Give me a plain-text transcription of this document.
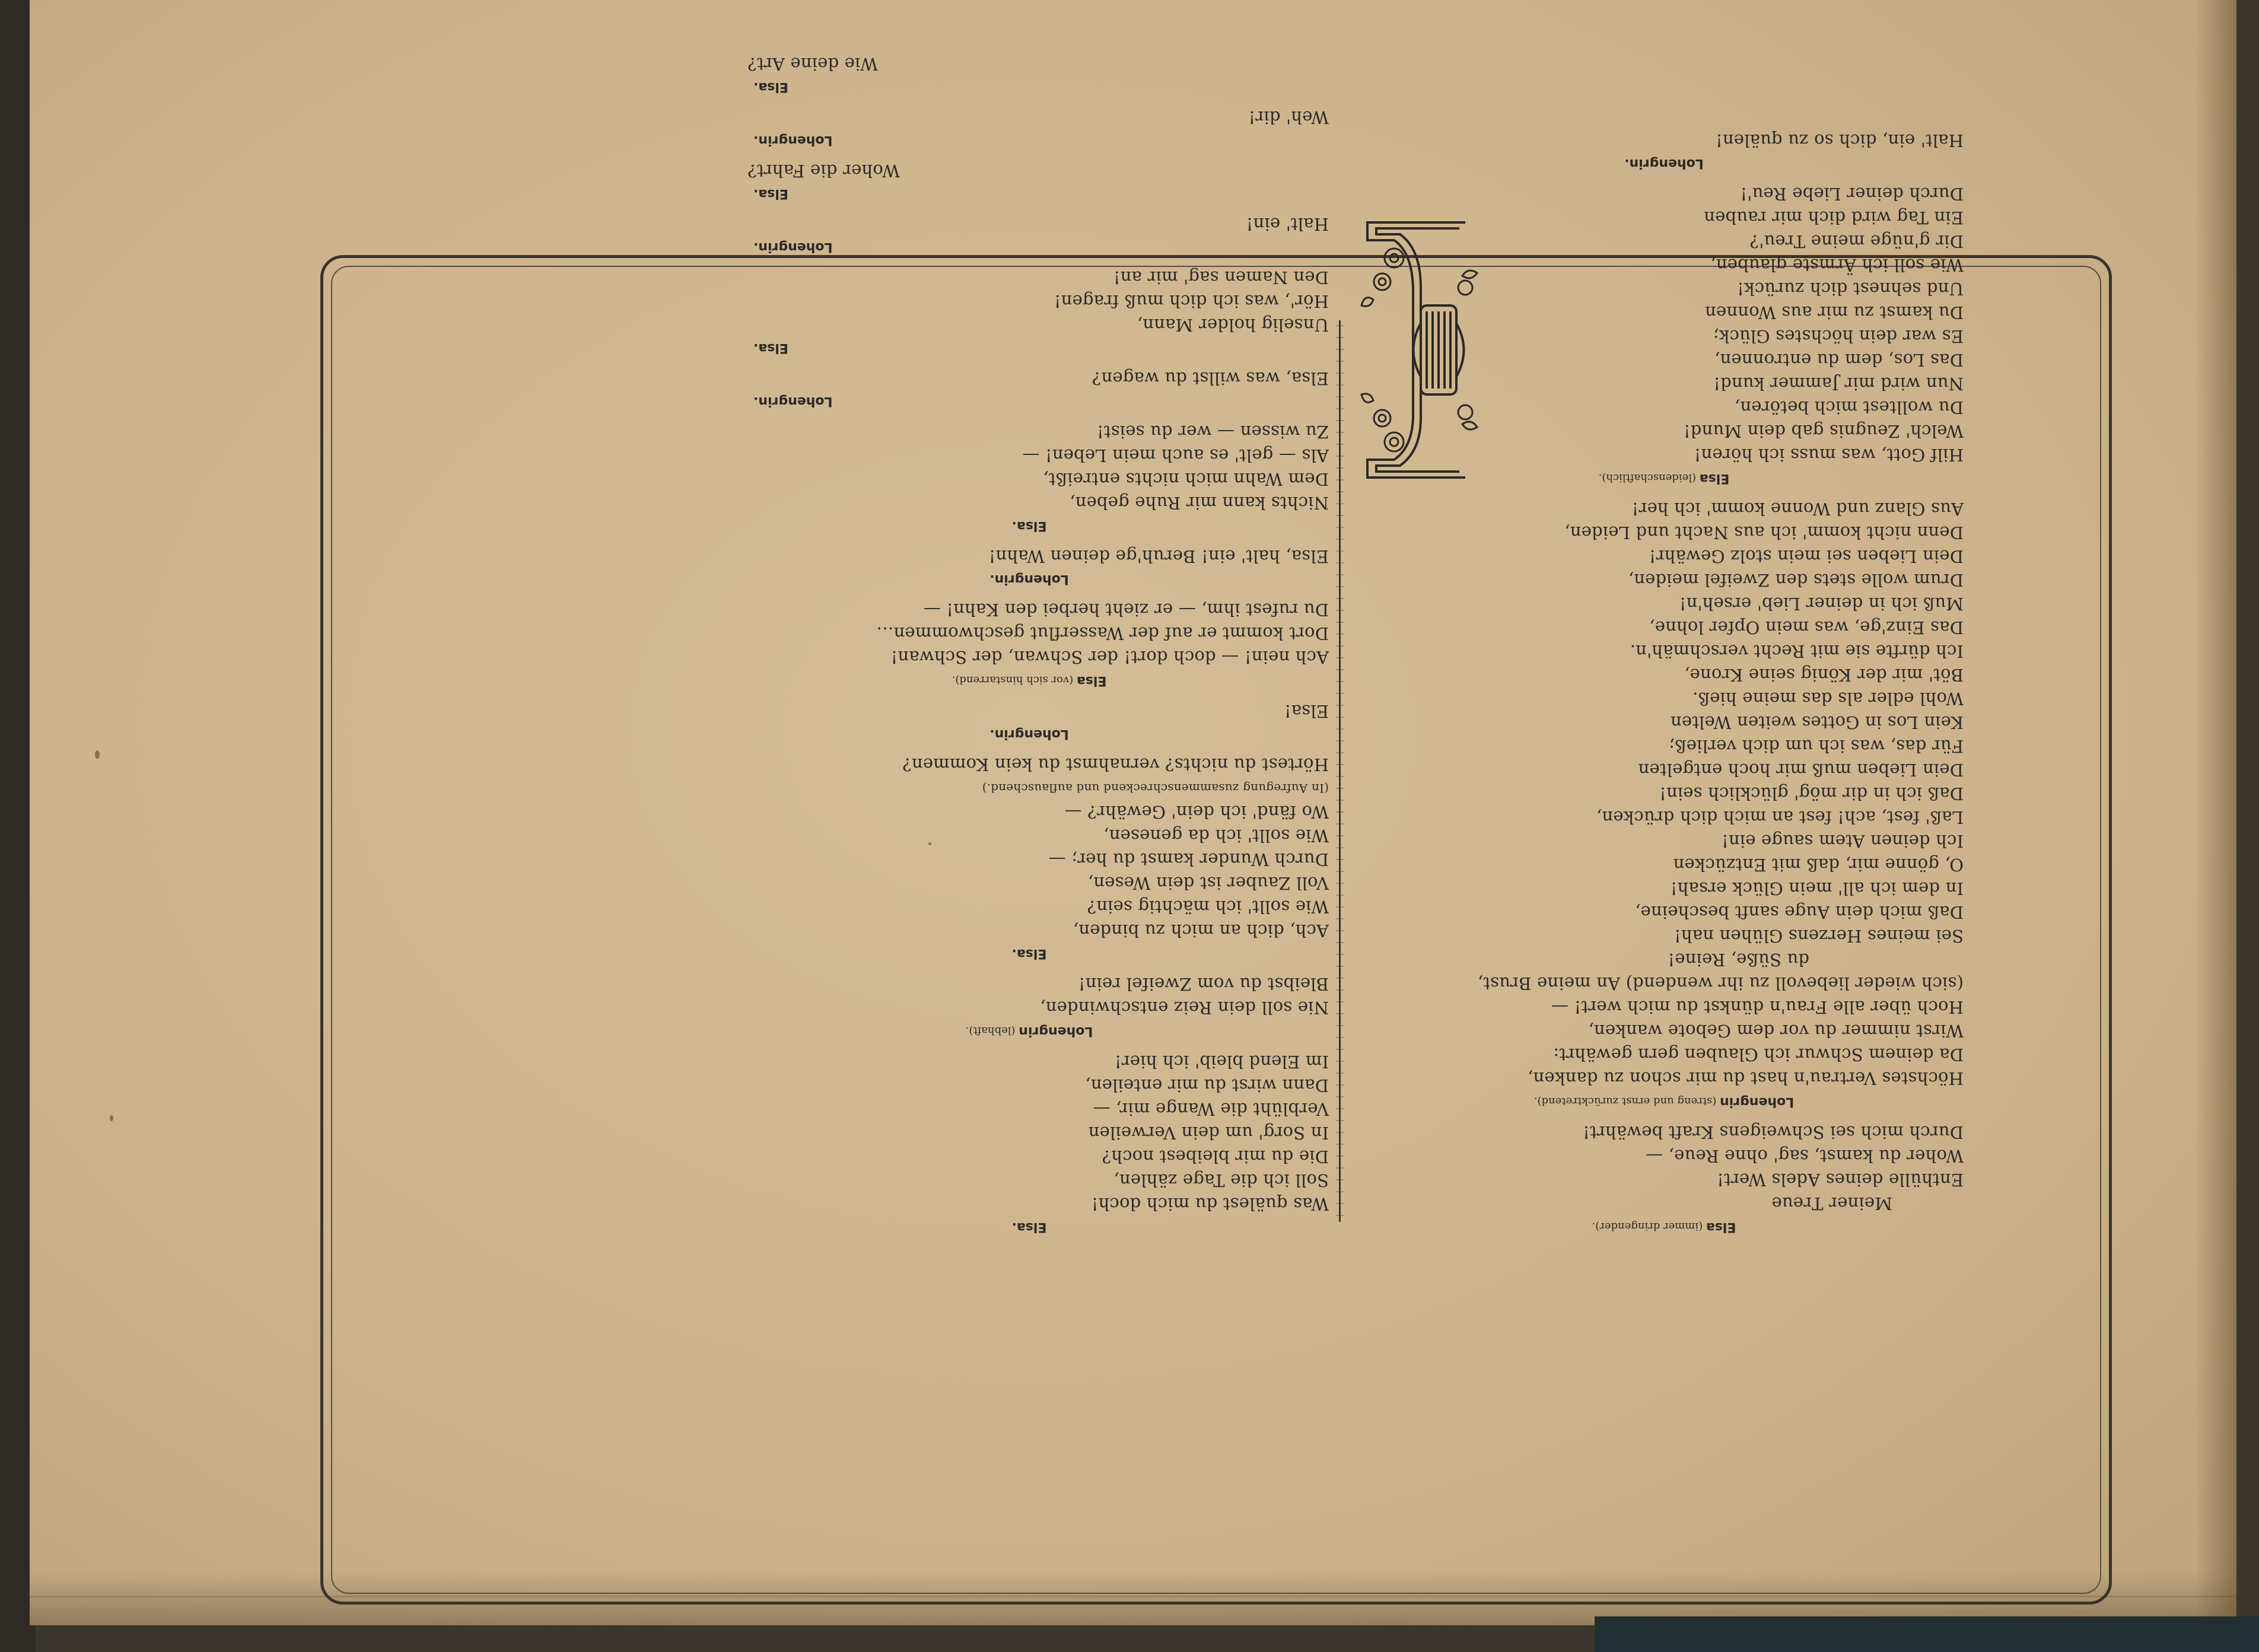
Elsa (immer dringender).
Meiner Treue
Enthülle deines Adels Wert!
Woher du kamst, sag' ohne Reue, —
Durch mich sei Schweigens Kraft bewährt!
Lohengrin (streng und ernst zurücktretend).
Höchstes Vertrau'n hast du mir schon zu danken,
Da deinem Schwur ich Glauben gern gewährt:
Wirst nimmer du vor dem Gebote wanken,
Hoch über alle Frau'n dünkst du mich wert! —
(sich wieder liebevoll zu ihr wendend) An meine Brust,
du Süße, Reine!
Sei meines Herzens Glühen nah!
Daß mich dein Auge sanft bescheine,
In dem ich all' mein Glück ersah!
O, gönne mir, daß mit Entzücken
Ich deinen Atem sauge ein!
Laß' fest, ach! fest an mich dich drücken,
Daß ich in dir mög' glücklich sein!
Dein Lieben muß mir hoch entgelten
Für das, was ich um dich verließ;
Kein Los in Gottes weiten Welten
Wohl edler als das meine hieß.
Böt' mir der König seine Krone,
Ich dürfte sie mit Recht verschmäh'n.
Das Einz'ge, was mein Opfer lohne,
Muß ich in deiner Lieb' erseh'n!
Drum wolle stets den Zweifel meiden,
Dein Lieben sei mein stolz Gewähr!
Denn nicht komm' ich aus Nacht und Leiden,
Aus Glanz und Wonne komm' ich her!
Elsa (leidenschaftlich).
Hilf Gott, was muss ich hören!
Welch' Zeugnis gab dein Mund!
Du wolltest mich betören,
Nun wird mir Jammer kund!
Das Los, dem du entronnen,
Es war dein höchstes Glück;
Du kamst zu mir aus Wonnen
Und sehnest dich zurück!
Wie soll ich Ärmste glauben,
Dir g'nüge meine Treu'?
Ein Tag wird dich mir rauben
Durch deiner Liebe Reu'!
Lohengrin.
Halt' ein, dich so zu quälen!
Elsa.
Was quälest du mich doch!
Soll ich die Tage zählen,
Die du mir bleibest noch?
In Sorg' um dein Verweilen
Verblüht die Wange mir, —
Dann wirst du mir enteilen,
Im Elend bleib' ich hier!
Lohengrin (lebhaft).
Nie soll dein Reiz entschwinden,
Bleibst du vom Zweifel rein!
Elsa.
Ach, dich an mich zu binden,
Wie sollt' ich mächtig sein?
Voll Zauber ist dein Wesen,
Durch Wunder kamst du her; —
Wie sollt' ich da genesen,
Wo fänd' ich dein' Gewähr? —
(In Aufregung zusammenschreckend und auflauschend.)
Hörtest du nichts? vernahmst du kein Kommen?
Lohengrin.
Elsa!
Elsa (vor sich hinstarrend).
Ach nein! — doch dort! der Schwan, der Schwan!
Dort kommt er auf der Wasserflut geschwommen…
Du rufest ihm, — er zieht herbei den Kahn! —
Lohengrin.
Elsa, halt' ein! Beruh'ge deinen Wahn!
Elsa.
Nichts kann mir Ruhe geben,
Dem Wahn mich nichts entreißt,
Als — gelt' es auch mein Leben! —
Zu wissen — wer du seist!
Lohengrin.
Elsa, was willst du wagen?
Elsa.
Unselig holder Mann,
Hör', was ich dich muß fragen!
Den Namen sag' mir an!
Lohengrin.
Halt' ein!
Elsa.
Woher die Fahrt?
Lohengrin.
Weh' dir!
Elsa.
Wie deine Art?
